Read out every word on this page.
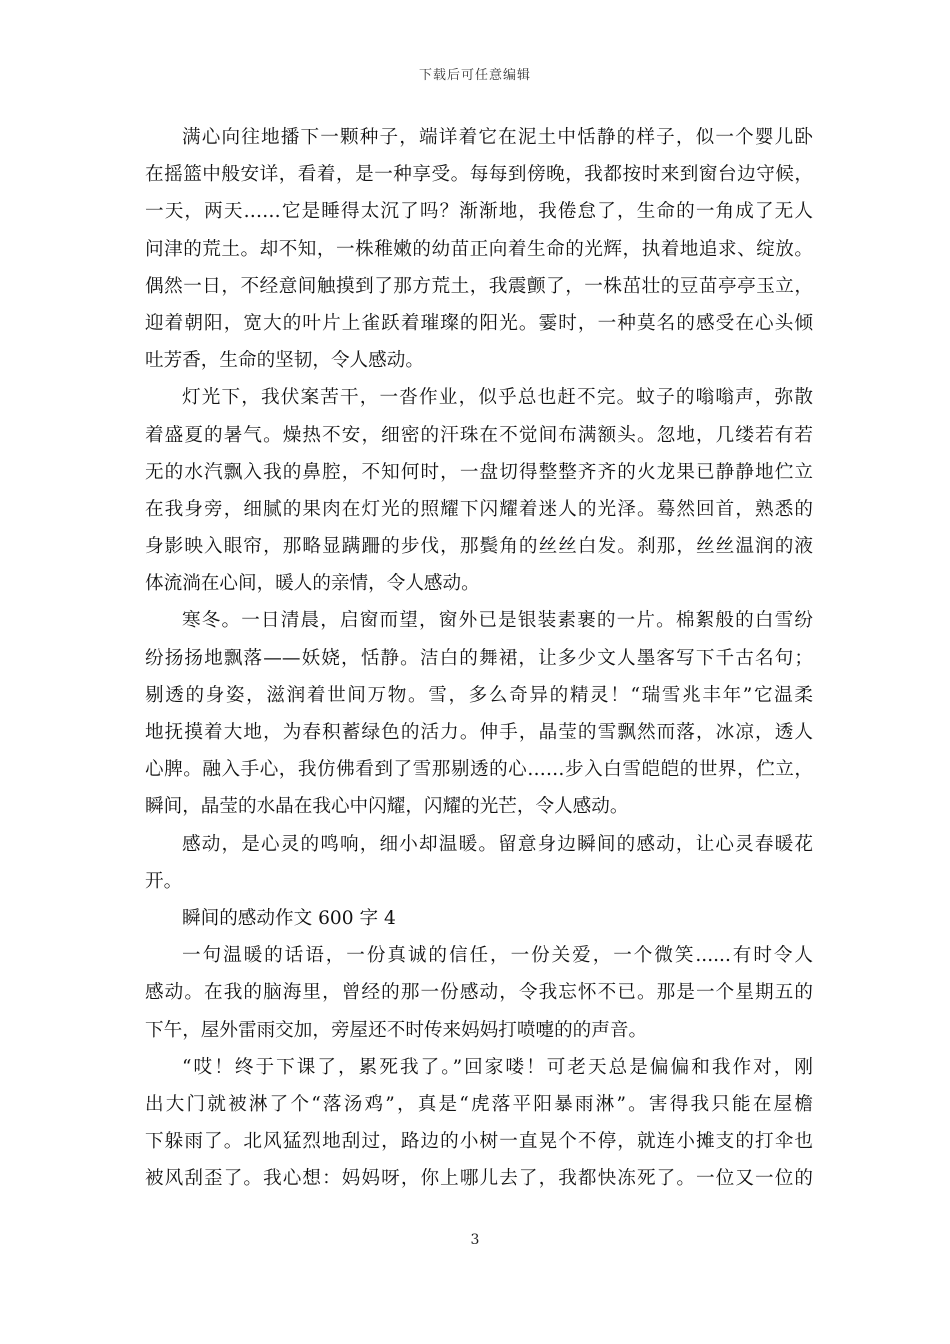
下载后可任意编辑
满心向往地播下一颗种子，端详着它在泥土中恬静的样子，似一个婴儿卧
在摇篮中般安详，看着，是一种享受。每每到傍晚，我都按时来到窗台边守候，
一天，两天……它是睡得太沉了吗？渐渐地，我倦怠了，生命的一角成了无人
问津的荒土。却不知，一株稚嫩的幼苗正向着生命的光辉，执着地追求、绽放。
偶然一日，不经意间触摸到了那方荒土，我震颤了，一株茁壮的豆苗亭亭玉立，
迎着朝阳，宽大的叶片上雀跃着璀璨的阳光。霎时，一种莫名的感受在心头倾
吐芳香，生命的坚韧，令人感动。
灯光下，我伏案苦干，一沓作业，似乎总也赶不完。蚊子的嗡嗡声，弥散
着盛夏的暑气。燥热不安，细密的汗珠在不觉间布满额头。忽地，几缕若有若
无的水汽飘入我的鼻腔，不知何时，一盘切得整整齐齐的火龙果已静静地伫立
在我身旁，细腻的果肉在灯光的照耀下闪耀着迷人的光泽。蓦然回首，熟悉的
身影映入眼帘，那略显蹒跚的步伐，那鬓角的丝丝白发。刹那，丝丝温润的液
体流淌在心间，暖人的亲情，令人感动。
寒冬。一日清晨，启窗而望，窗外已是银装素裹的一片。棉絮般的白雪纷
纷扬扬地飘落——妖娆，恬静。洁白的舞裙，让多少文人墨客写下千古名句；
剔透的身姿，滋润着世间万物。雪，多么奇异的精灵！“瑞雪兆丰年”它温柔
地抚摸着大地，为春积蓄绿色的活力。伸手，晶莹的雪飘然而落，冰凉，透人
心脾。融入手心，我仿佛看到了雪那剔透的心……步入白雪皑皑的世界，伫立，
瞬间，晶莹的水晶在我心中闪耀，闪耀的光芒，令人感动。
感动，是心灵的鸣响，细小却温暖。留意身边瞬间的感动，让心灵春暖花
开。
瞬间的感动作文 600 字 4
一句温暖的话语，一份真诚的信任，一份关爱，一个微笑......有时令人
感动。在我的脑海里，曾经的那一份感动，令我忘怀不已。那是一个星期五的
下午，屋外雷雨交加，旁屋还不时传来妈妈打喷嚏的的声音。
“哎！终于下课了，累死我了。”回家喽！可老天总是偏偏和我作对，刚
出大门就被淋了个“落汤鸡”，真是“虎落平阳暴雨淋”。害得我只能在屋檐
下躲雨了。北风猛烈地刮过，路边的小树一直晃个不停，就连小摊支的打伞也
被风刮歪了。我心想：妈妈呀，你上哪儿去了，我都快冻死了。一位又一位的
3
